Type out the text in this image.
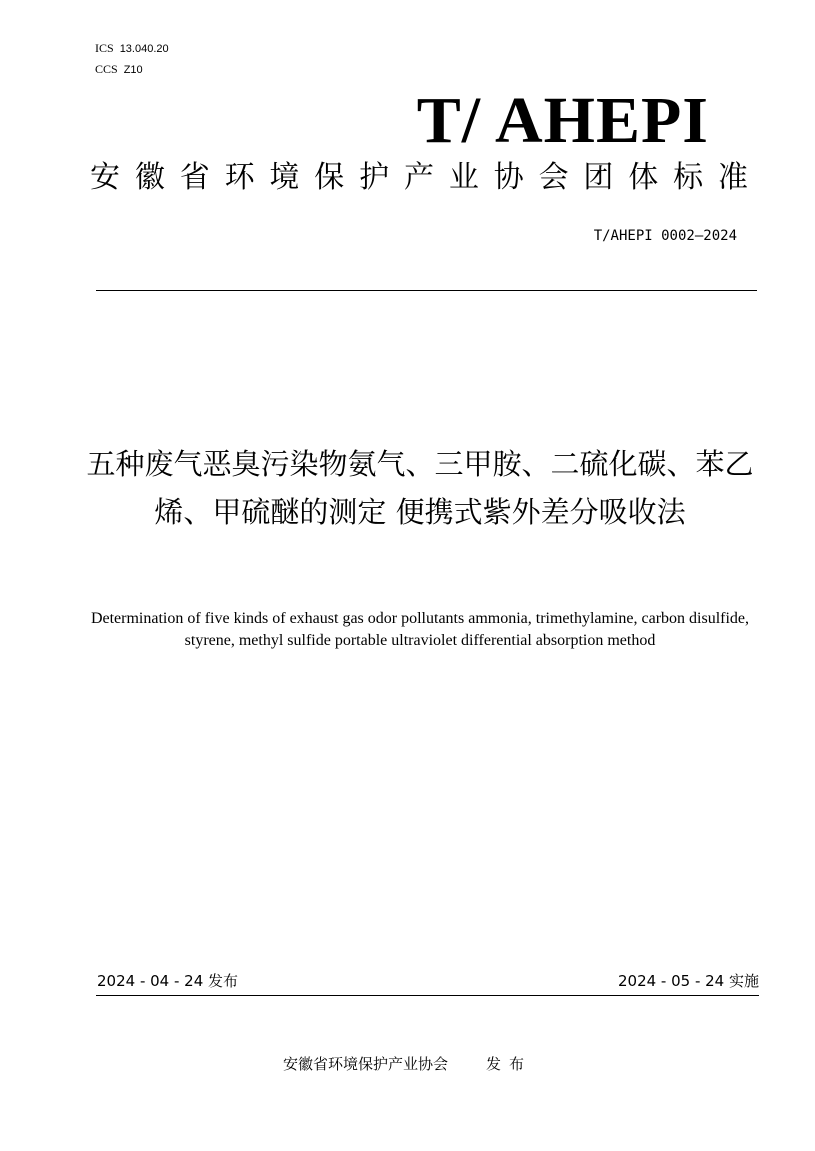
ICS 13.040.20
CCS Z10
T/ AHEPI
安徽省环境保护产业协会团体标准
T/AHEPI 0002—2024
五种废气恶臭污染物氨气、三甲胺、二硫化碳、苯乙烯、甲硫醚的测定 便携式紫外差分吸收法
Determination of five kinds of exhaust gas odor pollutants ammonia, trimethylamine, carbon disulfide, styrene, methyl sulfide portable ultraviolet differential absorption method
2024 - 04 - 24 发布	2024 - 05 - 24 实施
安徽省环境保护产业协会	发布
